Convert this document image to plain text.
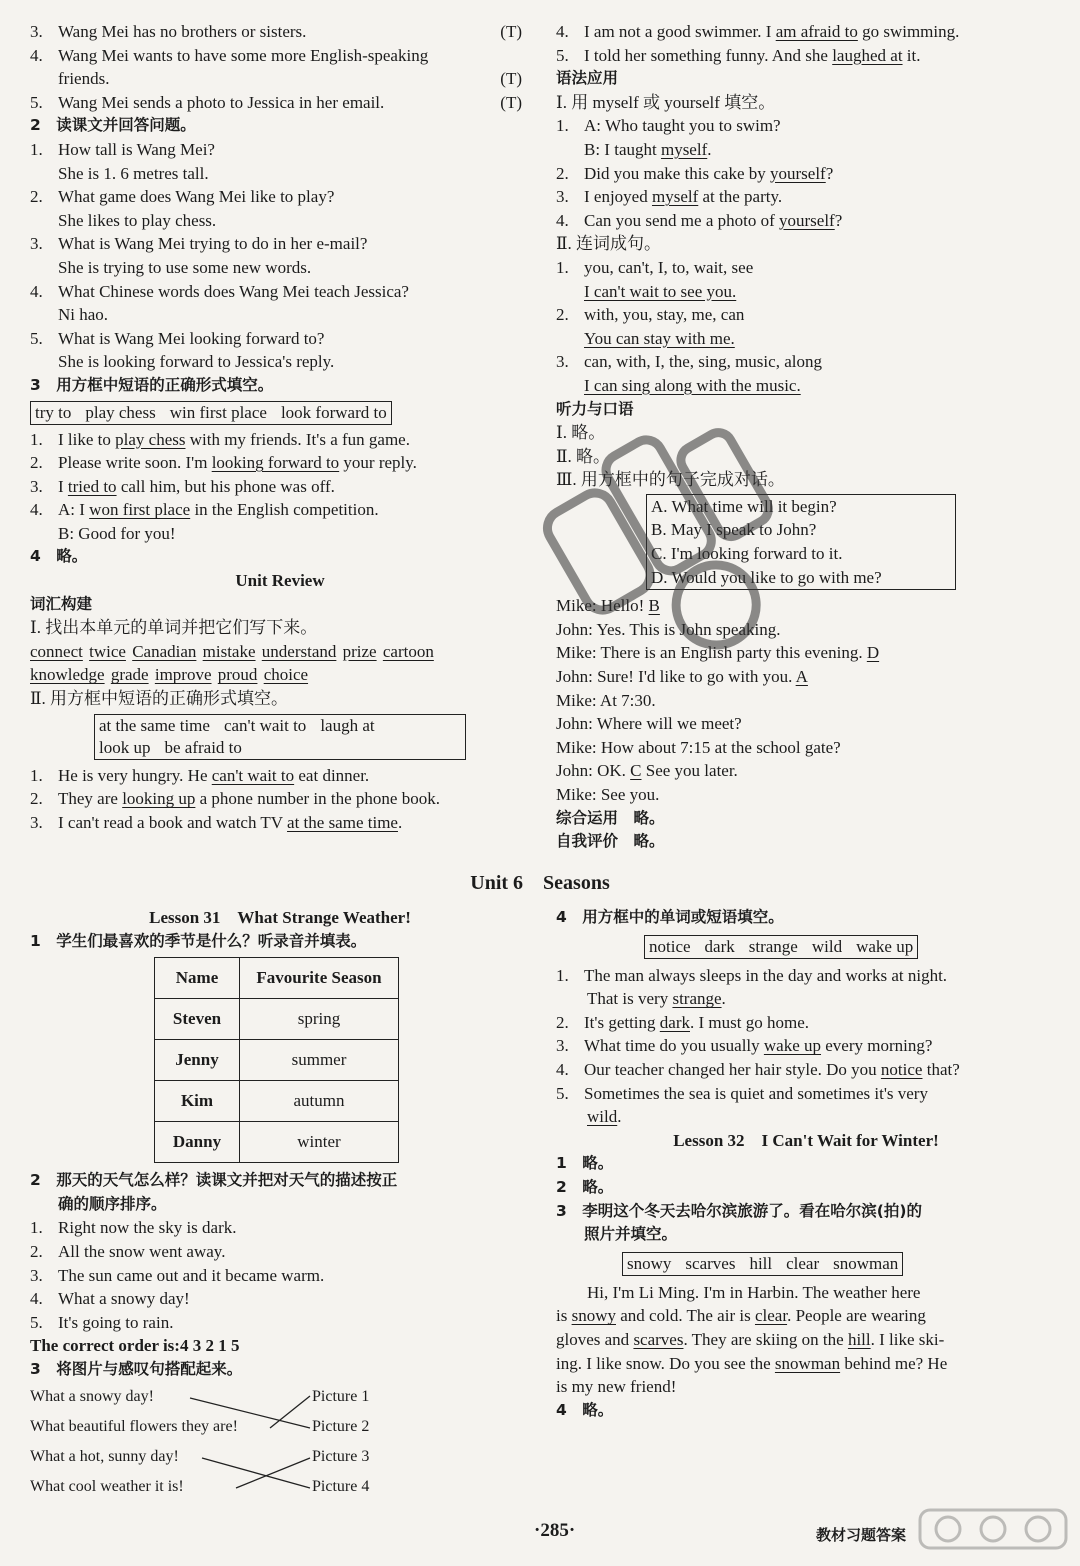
3. Wang Mei has no brothers or sisters.	(T)
4. Wang Mei wants to have some more English-speaking
friends.	(T)
5. Wang Mei sends a photo to Jessica in her email.	(T)
2　读课文并回答问题。
1. How tall is Wang Mei?
She is 1. 6 metres tall.
2. What game does Wang Mei like to play?
She likes to play chess.
3. What is Wang Mei trying to do in her e-mail?
She is trying to use some new words.
4. What Chinese words does Wang Mei teach Jessica?
Ni hao.
5. What is Wang Mei looking forward to?
She is looking forward to Jessica's reply.
3　用方框中短语的正确形式填空。
try to play chess win first place look forward to
1. I like to play chess with my friends. It's a fun game.
2. Please write soon. I'm looking forward to your reply.
3. I tried to call him, but his phone was off.
4. A: I won first place in the English competition.
B: Good for you!
4　略。
Unit Review
词汇构建
Ⅰ. 找出本单元的单词并把它们写下来。
connect twice Canadian mistake understand prize cartoon
knowledge grade improve proud choice
Ⅱ. 用方框中短语的正确形式填空。
at the same time can't wait to laugh at
look up be afraid to
1. He is very hungry. He can't wait to eat dinner.
2. They are looking up a phone number in the phone book.
3. I can't read a book and watch TV at the same time.
4. I am not a good swimmer. I am afraid to go swimming.
5. I told her something funny. And she laughed at it.
语法应用
Ⅰ. 用 myself 或 yourself 填空。
1. A: Who taught you to swim?
B: I taught myself.
2. Did you make this cake by yourself?
3. I enjoyed myself at the party.
4. Can you send me a photo of yourself?
Ⅱ. 连词成句。
1. you, can't, I, to, wait, see
I can't wait to see you.
2. with, you, stay, me, can
You can stay with me.
3. can, with, I, the, sing, music, along
I can sing along with the music.
听力与口语
Ⅰ. 略。
Ⅱ. 略。
Ⅲ. 用方框中的句子完成对话。
A. What time will it begin?
B. May I speak to John?
C. I'm looking forward to it.
D. Would you like to go with me?
Mike: Hello! B
John: Yes. This is John speaking.
Mike: There is an English party this evening. D
John: Sure! I'd like to go with you. A
Mike: At 7:30.
John: Where will we meet?
Mike: How about 7:15 at the school gate?
John: OK. C See you later.
Mike: See you.
综合运用　略。
自我评价　略。
Unit 6 Seasons
Lesson 31　What Strange Weather!
1　学生们最喜欢的季节是什么？听录音并填表。
Name	Favourite Season
Steven	spring
Jenny	summer
Kim	autumn
Danny	winter
2　那天的天气怎么样？读课文并把对天气的描述按正
确的顺序排序。
1. Right now the sky is dark.
2. All the snow went away.
3. The sun came out and it became warm.
4. What a snowy day!
5. It's going to rain.
The correct order is:4 3 2 1 5
3　将图片与感叹句搭配起来。
What a snowy day!	Picture 1
What beautiful flowers they are!	Picture 2
What a hot, sunny day!	Picture 3
What cool weather it is!	Picture 4
4　用方框中的单词或短语填空。
notice dark strange wild wake up
1. The man always sleeps in the day and works at night.
That is very strange.
2. It's getting dark. I must go home.
3. What time do you usually wake up every morning?
4. Our teacher changed her hair style. Do you notice that?
5. Sometimes the sea is quiet and sometimes it's very
wild.
Lesson 32　I Can't Wait for Winter!
1　略。
2　略。
3　李明这个冬天去哈尔滨旅游了。看在哈尔滨(拍)的
照片并填空。
snowy scarves hill clear snowman
Hi, I'm Li Ming. I'm in Harbin. The weather here
is snowy and cold. The air is clear. People are wearing
gloves and scarves. They are skiing on the hill. I like ski-
ing. I like snow. Do you see the snowman behind me? He
is my new friend!
4　略。
·285·	教材习题答案
